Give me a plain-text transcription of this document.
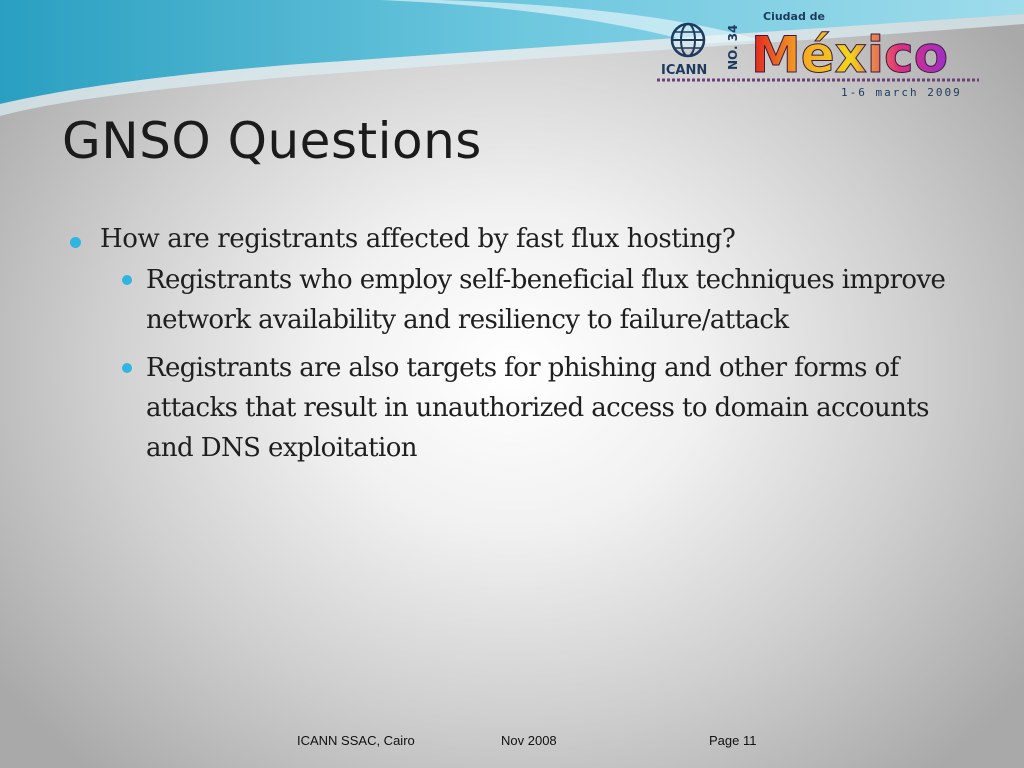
ICANN
NO. 34
Ciudad de
México
1-6 march 2009
GNSO Questions
How are registrants affected by fast flux hosting?
Registrants who employ self-beneficial flux techniques improve network availability and resiliency to failure/attack
Registrants are also targets for phishing and other forms of attacks that result in unauthorized access to domain accounts and DNS exploitation
ICANN SSAC, Cairo	Nov 2008	Page 11
